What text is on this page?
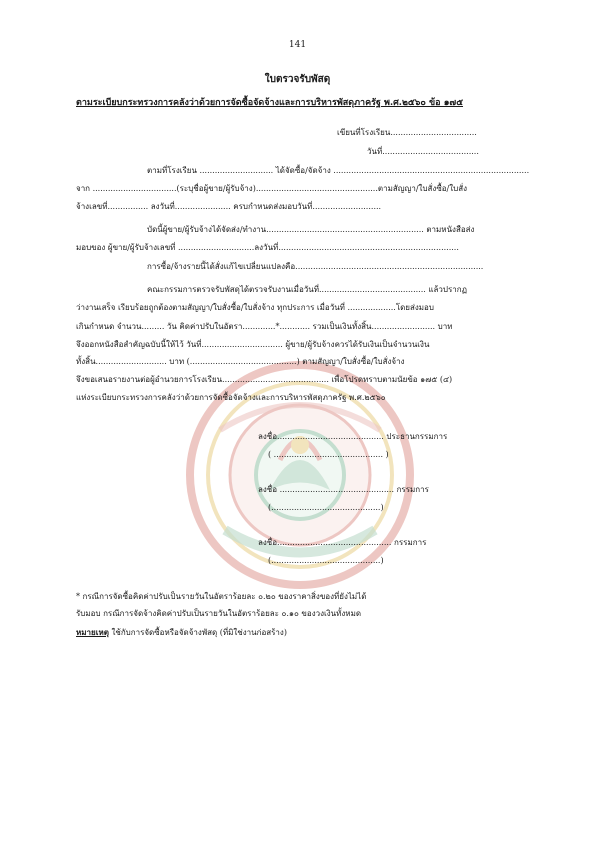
141
ใบตรวจรับพัสดุ
ตามระเบียบกระทรวงการคลังว่าด้วยการจัดซื้อจัดจ้างและการบริหารพัสดุภาครัฐ พ.ศ.๒๕๖๐ ข้อ ๑๗๕
เขียนที่โรงเรียน..................................
วันที่......................................
ตามที่โรงเรียน ............................. ได้จัดซื้อ/จัดจ้าง .............................................................................
จาก .................................(ระบุชื่อผู้ขาย/ผู้รับจ้าง)................................................ตามสัญญา/ใบสั่งซื้อ/ใบสั่ง
จ้างเลขที่................ ลงวันที่...................... ครบกำหนดส่งมอบวันที่...........................
บัดนี้ผู้ขาย/ผู้รับจ้างได้จัดส่ง/ทำงาน.............................................................. ตามหนังสือส่ง
มอบของ ผู้ขาย/ผู้รับจ้างเลขที่ ..............................ลงวันที่.......................................................................
การซื้อ/จ้างรายนี้ได้สั่งแก้ไขเปลี่ยนแปลงคือ..........................................................................
คณะกรรมการตรวจรับพัสดุได้ตรวจรับงานเมื่อวันที่.......................................... แล้วปรากฏ
ว่างานเสร็จ เรียบร้อยถูกต้องตามสัญญา/ใบสั่งซื้อ/ใบสั่งจ้าง ทุกประการ เมื่อวันที่ ...................โดยส่งมอบ
เกินกำหนด จำนวน......... วัน คิดค่าปรับในอัตรา.............*............ รวมเป็นเงินทั้งสิ้น......................... บาท
จึงออกหนังสือสำคัญฉบับนี้ให้ไว้ วันที่................................ ผู้ขาย/ผู้รับจ้างควรได้รับเงินเป็นจำนวนเงิน
ทั้งสิ้น............................ บาท (..........................................) ตามสัญญา/ใบสั่งซื้อ/ใบสั่งจ้าง
จึงขอเสนอรายงานต่อผู้อำนวยการโรงเรียน.......................................... เพื่อโปรดทราบตามนัยข้อ ๑๗๕ (๔)
แห่งระเบียบกระทรวงการคลังว่าด้วยการจัดซื้อจัดจ้างและการบริหารพัสดุภาครัฐ พ.ศ.๒๕๖๐
ลงชื่อ.......................................... ประธานกรรมการ
( ........................................... )
ลงชื่อ ............................................. กรรมการ
(...........................................)
ลงชื่อ............................................. กรรมการ
(...........................................)
* กรณีการจัดซื้อคิดค่าปรับเป็นรายวันในอัตราร้อยละ ๐.๒๐ ของราคาสิ่งของที่ยังไม่ได้
รับมอบ กรณีการจัดจ้างคิดค่าปรับเป็นรายวันในอัตราร้อยละ ๐.๑๐ ของวงเงินทั้งหมด
หมายเหตุ ใช้กับการจัดซื้อหรือจัดจ้างพัสดุ (ที่มิใช่งานก่อสร้าง)
